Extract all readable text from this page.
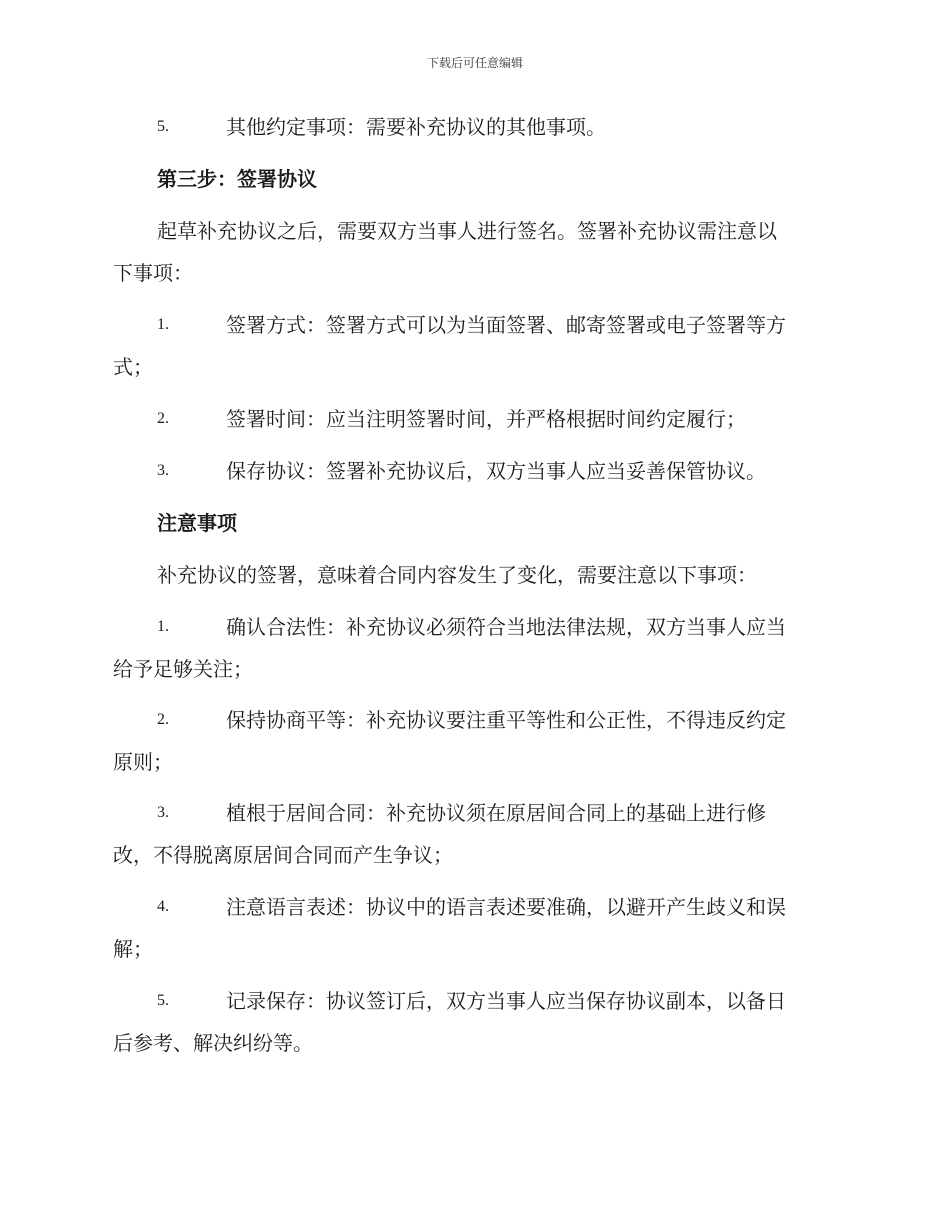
下载后可任意编辑
5.	其他约定事项：需要补充协议的其他事项。
第三步：签署协议
起草补充协议之后，需要双方当事人进行签名。签署补充协议需注意以
下事项：
1.	签署方式：签署方式可以为当面签署、邮寄签署或电子签署等方
式；
2.	签署时间：应当注明签署时间，并严格根据时间约定履行；
3.	保存协议：签署补充协议后，双方当事人应当妥善保管协议。
注意事项
补充协议的签署，意味着合同内容发生了变化，需要注意以下事项：
1.	确认合法性：补充协议必须符合当地法律法规，双方当事人应当
给予足够关注；
2.	保持协商平等：补充协议要注重平等性和公正性，不得违反约定
原则；
3.	植根于居间合同：补充协议须在原居间合同上的基础上进行修
改，不得脱离原居间合同而产生争议；
4.	注意语言表述：协议中的语言表述要准确，以避开产生歧义和误
解；
5.	记录保存：协议签订后，双方当事人应当保存协议副本，以备日
后参考、解决纠纷等。
